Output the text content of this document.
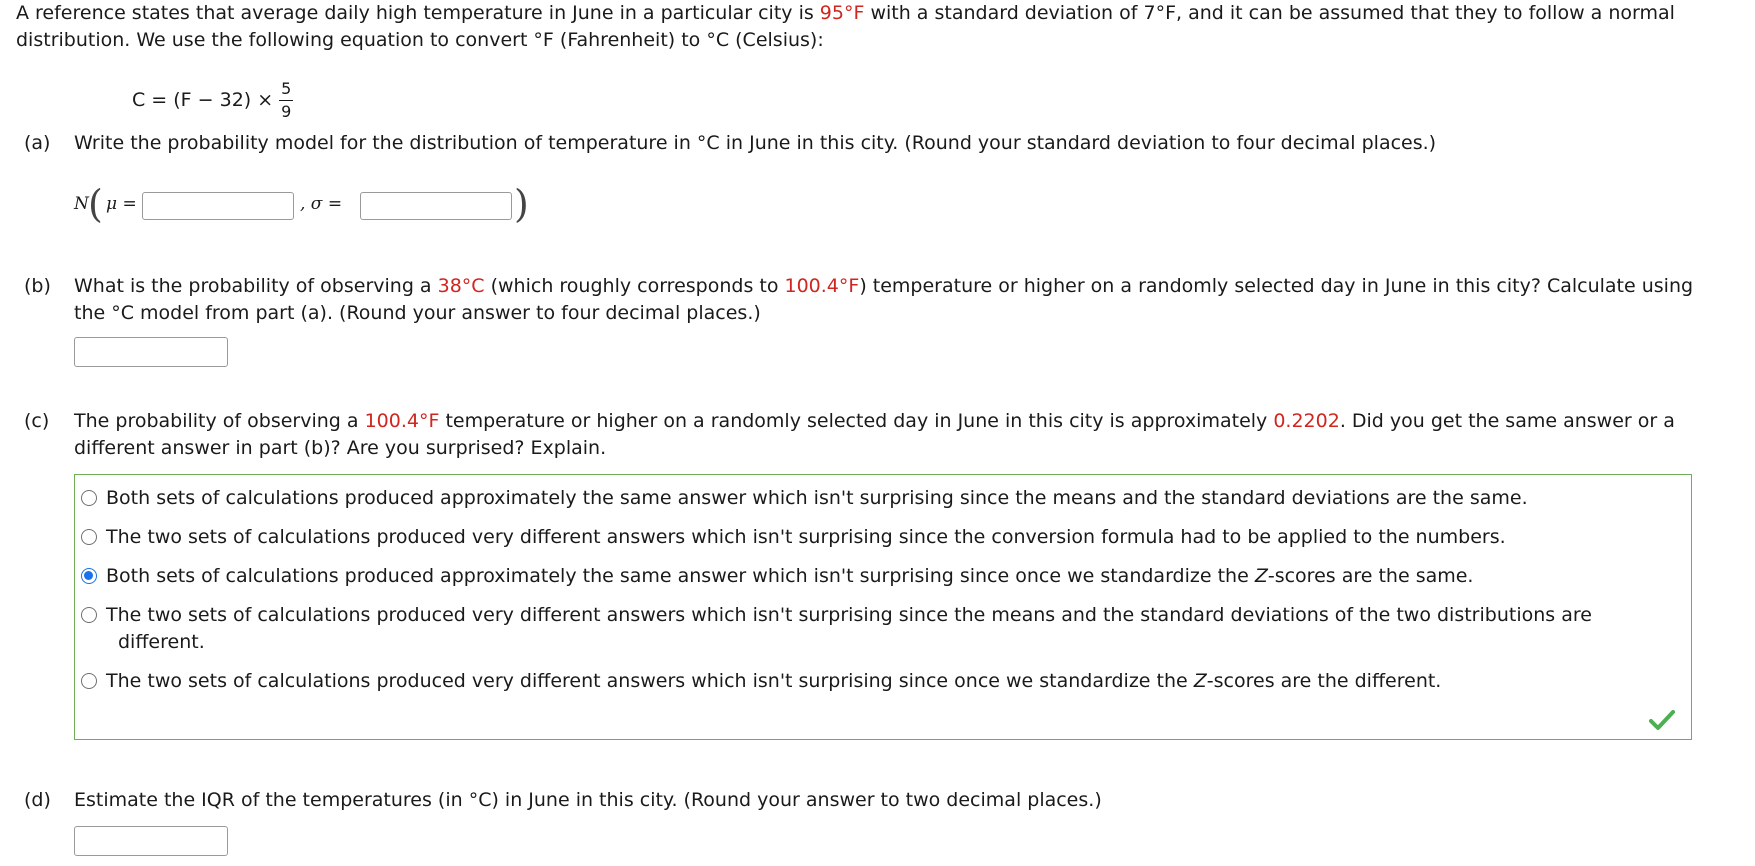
A reference states that average daily high temperature in June in a particular city is 95°F with a standard deviation of 7°F, and it can be assumed that they to follow a normal distribution. We use the following equation to convert °F (Fahrenheit) to °C (Celsius):
$C = (F - 32) \times \frac{5}{9}$
(a) Write the probability model for the distribution of temperature in °C in June in this city. (Round your standard deviation to four decimal places.)
N ( μ =	, σ =	)
(b) What is the probability of observing a 38°C (which roughly corresponds to 100.4°F) temperature or higher on a randomly selected day in June in this city? Calculate using the °C model from part (a). (Round your answer to four decimal places.)
(c) The probability of observing a 100.4°F temperature or higher on a randomly selected day in June in this city is approximately 0.2202. Did you get the same answer or a different answer in part (b)? Are you surprised? Explain.
Both sets of calculations produced approximately the same answer which isn't surprising since the means and the standard deviations are the same.
The two sets of calculations produced very different answers which isn't surprising since the conversion formula had to be applied to the numbers.
Both sets of calculations produced approximately the same answer which isn't surprising since once we standardize the Z-scores are the same.
The two sets of calculations produced very different answers which isn't surprising since the means and the standard deviations of the two distributions are
different.
The two sets of calculations produced very different answers which isn't surprising since once we standardize the Z-scores are the different.
(d) Estimate the IQR of the temperatures (in °C) in June in this city. (Round your answer to two decimal places.)
